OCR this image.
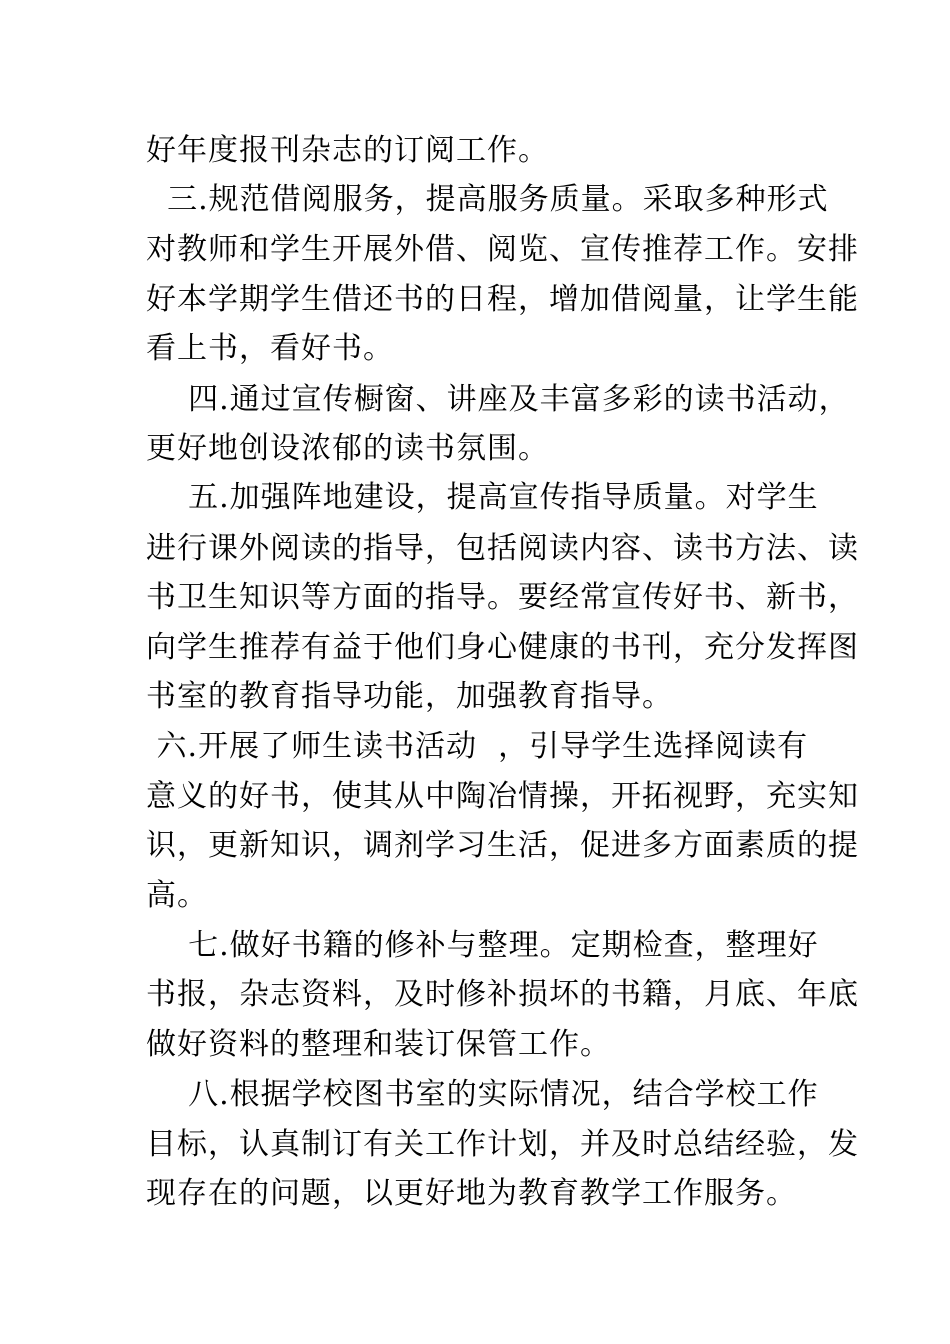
好年度报刊杂志的订阅工作。
三.规范借阅服务，提高服务质量。采取多种形式
对教师和学生开展外借、阅览、宣传推荐工作。安排
好本学期学生借还书的日程，增加借阅量，让学生能
看上书，看好书。
四.通过宣传橱窗、讲座及丰富多彩的读书活动，
更好地创设浓郁的读书氛围。
五.加强阵地建设，提高宣传指导质量。对学生
进行课外阅读的指导，包括阅读内容、读书方法、读
书卫生知识等方面的指导。要经常宣传好书、新书，
向学生推荐有益于他们身心健康的书刊，充分发挥图
书室的教育指导功能，加强教育指导。
六.开展了师生读书活动  ，引导学生选择阅读有
意义的好书，使其从中陶冶情操，开拓视野，充实知
识，更新知识，调剂学习生活，促进多方面素质的提
高。
七.做好书籍的修补与整理。定期检查，整理好
书报，杂志资料，及时修补损坏的书籍，月底、年底
做好资料的整理和装订保管工作。
八.根据学校图书室的实际情况，结合学校工作
目标，认真制订有关工作计划，并及时总结经验，发
现存在的问题，以更好地为教育教学工作服务。
